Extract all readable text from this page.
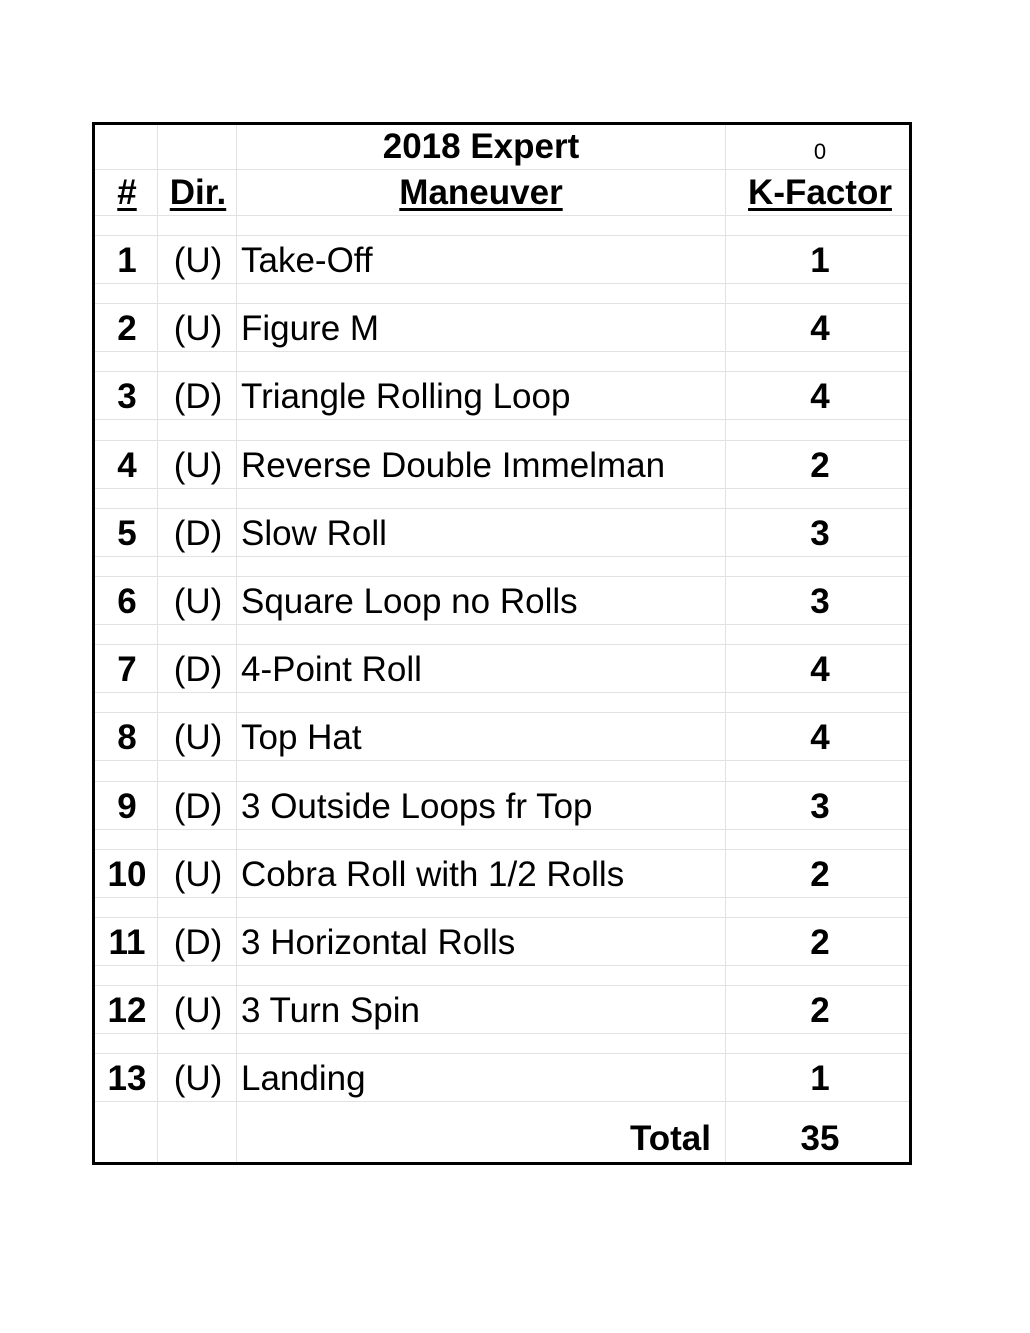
2018 Expert	0
# Dir.	Maneuver	K-Factor
1	(U) Take-Off	1
2	(U) Figure M	4
3	(D) Triangle Rolling Loop	4
4	(U) Reverse Double Immelman	2
5	(D) Slow Roll	3
6	(U) Square Loop no Rolls	3
7	(D) 4-Point Roll	4
8	(U) Top Hat	4
9	(D) 3 Outside Loops fr Top	3
10 (U) Cobra Roll with 1/2 Rolls	2
11 (D) 3 Horizontal Rolls	2
12 (U) 3 Turn Spin	2
13 (U) Landing	1
Total	35
